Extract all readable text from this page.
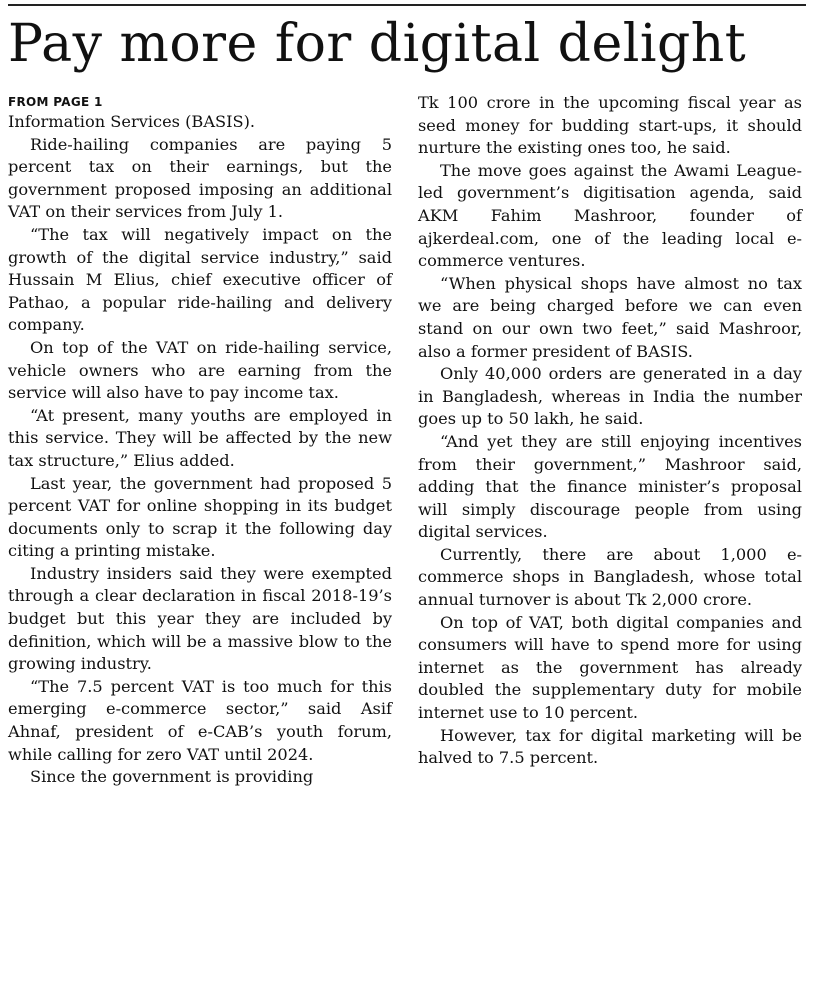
Pay more for digital delight
FROM PAGE 1

Information Services (BASIS).

Ride-hailing companies are paying 5 percent tax on their earnings, but the government proposed imposing an additional VAT on their services from July 1.

“The tax will negatively impact on the growth of the digital service industry,” said Hussain M Elius, chief executive officer of Pathao, a popular ride-hailing and delivery company.

On top of the VAT on ride-hailing service, vehicle owners who are earning from the service will also have to pay income tax.

“At present, many youths are employed in this service. They will be affected by the new tax structure,” Elius added.

Last year, the government had proposed 5 percent VAT for online shopping in its budget documents only to scrap it the following day citing a printing mistake.

Industry insiders said they were exempted through a clear declaration in fiscal 2018-19’s budget but this year they are included by definition, which will be a massive blow to the growing industry.

“The 7.5 percent VAT is too much for this emerging e-commerce sector,” said Asif Ahnaf, president of e-CAB’s youth forum, while calling for zero VAT until 2024.

Since the government is providing

Tk 100 crore in the upcoming fiscal year as seed money for budding start-ups, it should nurture the existing ones too, he said.

The move goes against the Awami League-led government’s digitisation agenda, said AKM Fahim Mashroor, founder of ajkerdeal.com, one of the leading local e-commerce ventures.

“When physical shops have almost no tax we are being charged before we can even stand on our own two feet,” said Mashroor, also a former president of BASIS.

Only 40,000 orders are generated in a day in Bangladesh, whereas in India the number goes up to 50 lakh, he said.

“And yet they are still enjoying incentives from their government,” Mashroor said, adding that the finance minister’s proposal will simply discourage people from using digital services.

Currently, there are about 1,000 e-commerce shops in Bangladesh, whose total annual turnover is about Tk 2,000 crore.

On top of VAT, both digital companies and consumers will have to spend more for using internet as the government has already doubled the supplementary duty for mobile internet use to 10 percent.

However, tax for digital marketing will be halved to 7.5 percent.
